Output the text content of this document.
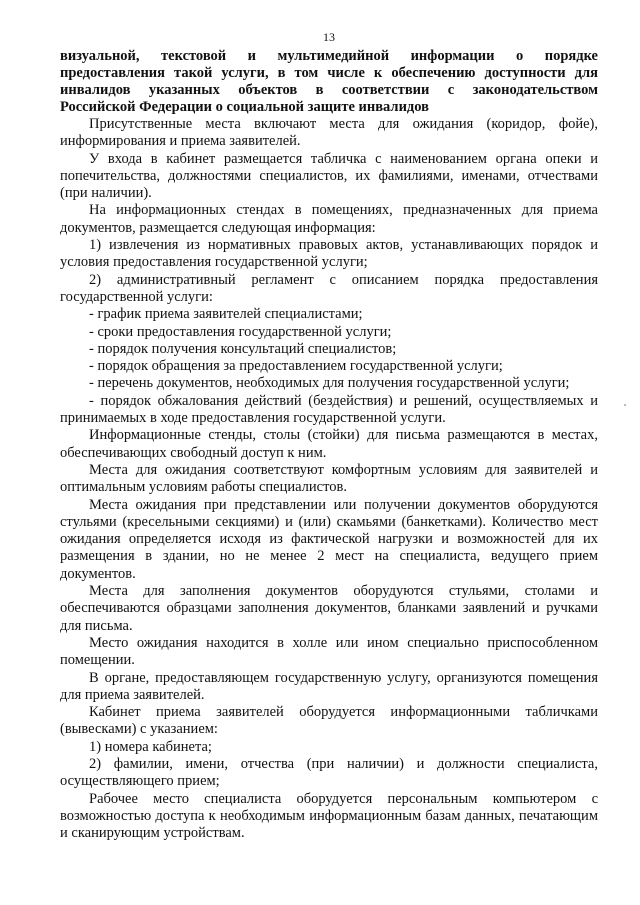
13
визуальной, текстовой и мультимедийной информации о порядке
предоставления такой услуги, в том числе к обеспечению доступности для
инвалидов указанных объектов в соответствии с законодательством
Российской Федерации о социальной защите инвалидов

Присутственные места включают места для ожидания (коридор, фойе), информирования и приема заявителей.

У входа в кабинет размещается табличка с наименованием органа опеки и попечительства, должностями специалистов, их фамилиями, именами, отчествами (при наличии).

На информационных стендах в помещениях, предназначенных для приема документов, размещается следующая информация:

1) извлечения из нормативных правовых актов, устанавливающих порядок и условия предоставления государственной услуги;

2) административный регламент с описанием порядка предоставления государственной услуги:

- график приема заявителей специалистами;

- сроки предоставления государственной услуги;

- порядок получения консультаций специалистов;

- порядок обращения за предоставлением государственной услуги;

- перечень документов, необходимых для получения государственной услуги;

- порядок обжалования действий (бездействия) и решений, осуществляемых и принимаемых в ходе предоставления государственной услуги.

Информационные стенды, столы (стойки) для письма размещаются в местах, обеспечивающих свободный доступ к ним.

Места для ожидания соответствуют комфортным условиям для заявителей и оптимальным условиям работы специалистов.

Места ожидания при представлении или получении документов оборудуются стульями (кресельными секциями) и (или) скамьями (банкетками). Количество мест ожидания определяется исходя из фактической нагрузки и возможностей для их размещения в здании, но не менее 2 мест на специалиста, ведущего прием документов.

Места для заполнения документов оборудуются стульями, столами и обеспечиваются образцами заполнения документов, бланками заявлений и ручками для письма.

Место ожидания находится в холле или ином специально приспособленном помещении.

В органе, предоставляющем государственную услугу, организуются помещения для приема заявителей.

Кабинет приема заявителей оборудуется информационными табличками (вывесками) с указанием:

1) номера кабинета;

2) фамилии, имени, отчества (при наличии) и должности специалиста, осуществляющего прием;

Рабочее место специалиста оборудуется персональным компьютером с возможностью доступа к необходимым информационным базам данных, печатающим и сканирующим устройствам.
